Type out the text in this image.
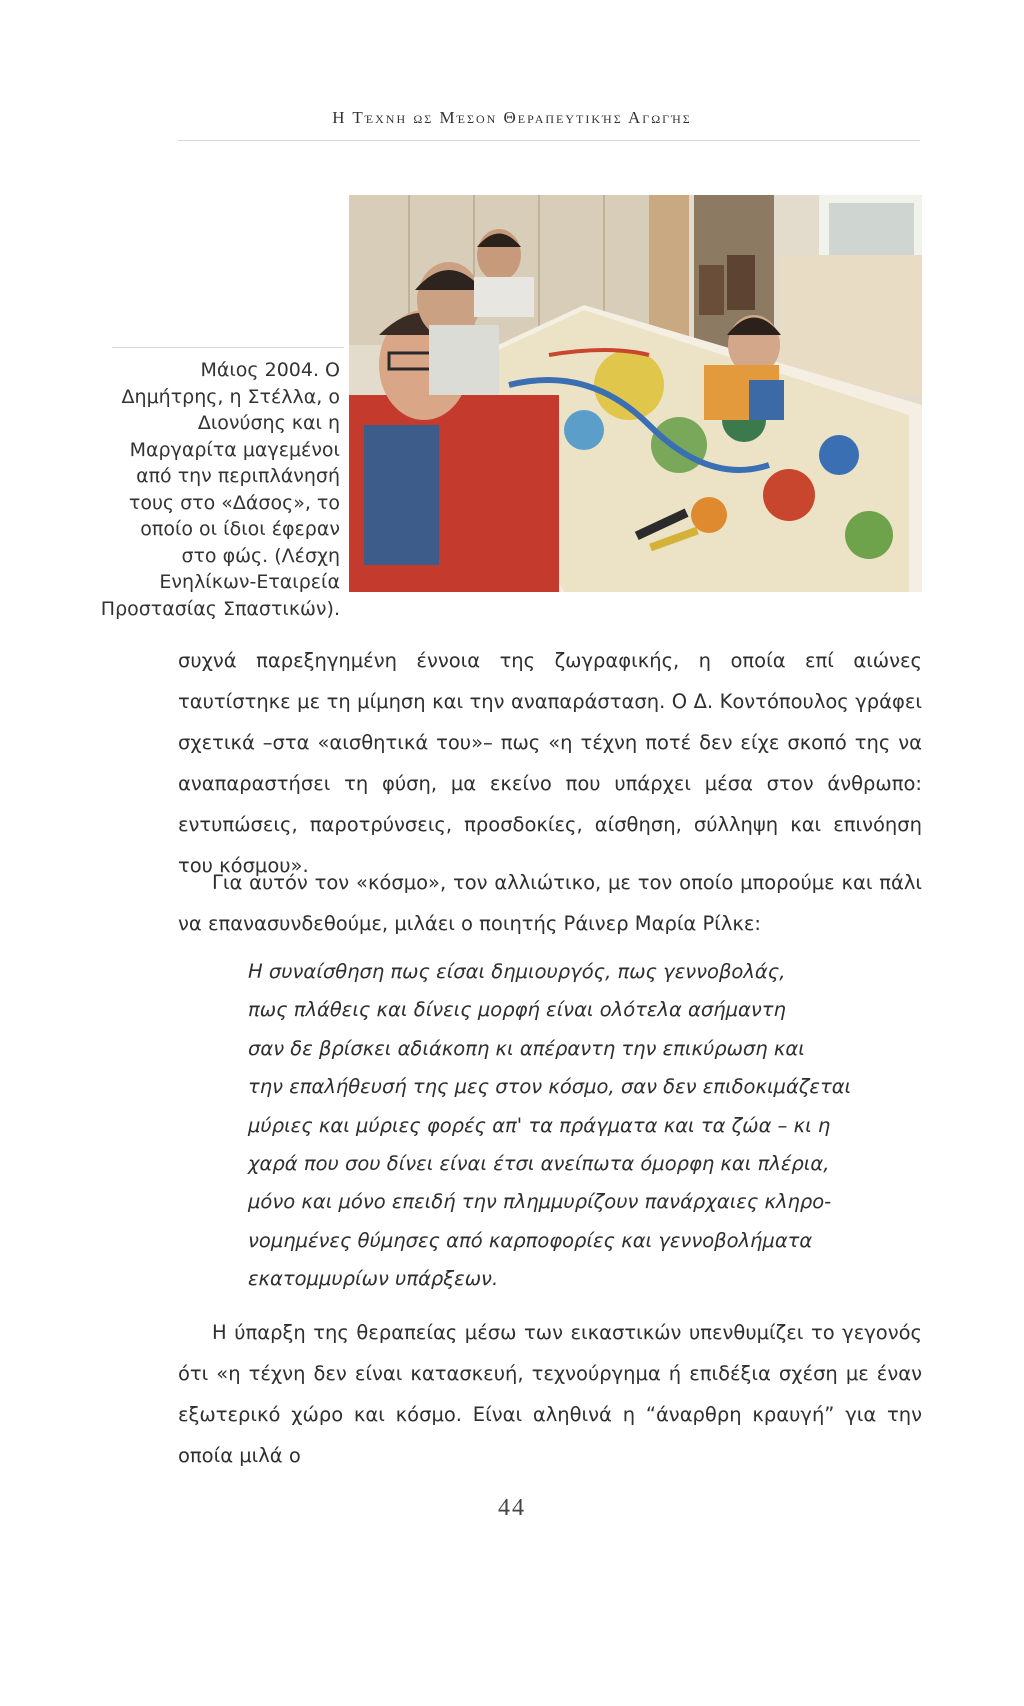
Η Τέχνη ως Μέσον Θεραπευτικής Αγωγής
Μάιος 2004. Ο Δημήτρης, η Στέλλα, ο Διονύσης και η Μαργαρίτα μαγεμένοι από την περιπλάνησή τους στο «Δάσος», το οποίο οι ίδιοι έφεραν στο φώς. (Λέσχη Ενηλίκων-Εταιρεία Προστασίας Σπαστικών).

συχνά παρεξηγημένη έννοια της ζωγραφικής, η οποία επί αιώνες ταυτίστηκε με τη μίμηση και την αναπαράσταση. Ο Δ. Κοντόπουλος γράφει σχετικά –στα «αισθητικά του»– πως «η τέχνη ποτέ δεν είχε σκοπό της να αναπαραστήσει τη φύση, μα εκείνο που υπάρχει μέσα στον άνθρωπο: εντυπώσεις, παροτρύνσεις, προσδοκίες, αίσθηση, σύλληψη και επινόηση του κόσμου».

Για αυτόν τον «κόσμο», τον αλλιώτικο, με τον οποίο μπορούμε και πάλι να επανασυνδεθούμε, μιλάει ο ποιητής Ράινερ Μαρία Ρίλκε:

Η συναίσθηση πως είσαι δημιουργός, πως γεννοβολάς,
πως πλάθεις και δίνεις μορφή είναι ολότελα ασήμαντη
σαν δε βρίσκει αδιάκοπη κι απέραντη την επικύρωση και
την επαλήθευσή της μες στον κόσμο, σαν δεν επιδοκιμάζεται
μύριες και μύριες φορές απ' τα πράγματα και τα ζώα – κι η
χαρά που σου δίνει είναι έτσι ανείπωτα όμορφη και πλέρια,
μόνο και μόνο επειδή την πλημμυρίζουν πανάρχαιες κληρο-
νομημένες θύμησες από καρποφορίες και γεννοβολήματα
εκατομμυρίων υπάρξεων.

Η ύπαρξη της θεραπείας μέσω των εικαστικών υπενθυμίζει το γεγονός ότι «η τέχνη δεν είναι κατασκευή, τεχνούργημα ή επιδέξια σχέση με έναν εξωτερικό χώρο και κόσμο. Είναι αληθινά η “άναρθρη κραυγή” για την οποία μιλά ο

44
